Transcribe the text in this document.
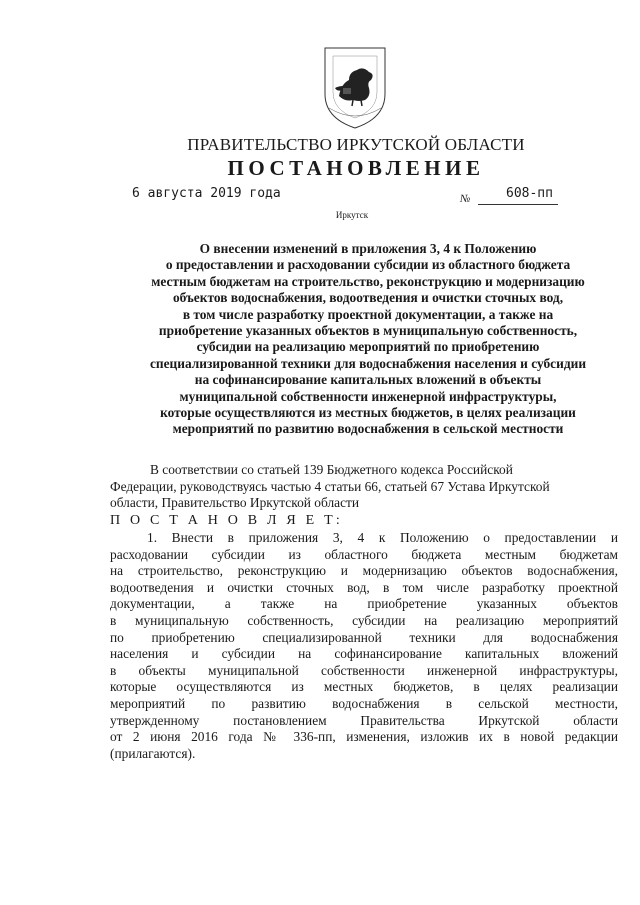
ПРАВИТЕЛЬСТВО ИРКУТСКОЙ ОБЛАСТИ
ПОСТАНОВЛЕНИЕ
6 августа 2019 года	№	608-пп
Иркутск
О внесении изменений в приложения 3, 4 к Положению
о предоставлении и расходовании субсидии из областного бюджета
местным бюджетам на строительство, реконструкцию и модернизацию
объектов водоснабжения, водоотведения и очистки сточных вод,
в том числе разработку проектной документации, а также на
приобретение указанных объектов в муниципальную собственность,
субсидии на реализацию мероприятий по приобретению
специализированной техники для водоснабжения населения и субсидии
на софинансирование капитальных вложений в объекты
муниципальной собственности инженерной инфраструктуры,
которые осуществляются из местных бюджетов, в целях реализации
мероприятий по развитию водоснабжения в сельской местности
В соответствии со статьей 139 Бюджетного кодекса Российской
Федерации, руководствуясь частью 4 статьи 66, статьей 67 Устава Иркутской
области, Правительство Иркутской области
П О С Т А Н О В Л Я Е Т:
1. Внести в приложения 3, 4 к Положению о предоставлении и
расходовании субсидии из областного бюджета местным бюджетам
на строительство, реконструкцию и модернизацию объектов водоснабжения,
водоотведения и очистки сточных вод, в том числе разработку проектной
документации, а также на приобретение указанных объектов
в муниципальную собственность, субсидии на реализацию мероприятий
по приобретению специализированной техники для водоснабжения
населения и субсидии на софинансирование капитальных вложений
в объекты муниципальной собственности инженерной инфраструктуры,
которые осуществляются из местных бюджетов, в целях реализации
мероприятий по развитию водоснабжения в сельской местности,
утвержденному постановлением Правительства Иркутской области
от 2 июня 2016 года № 336-пп, изменения, изложив их в новой редакции
(прилагаются).
